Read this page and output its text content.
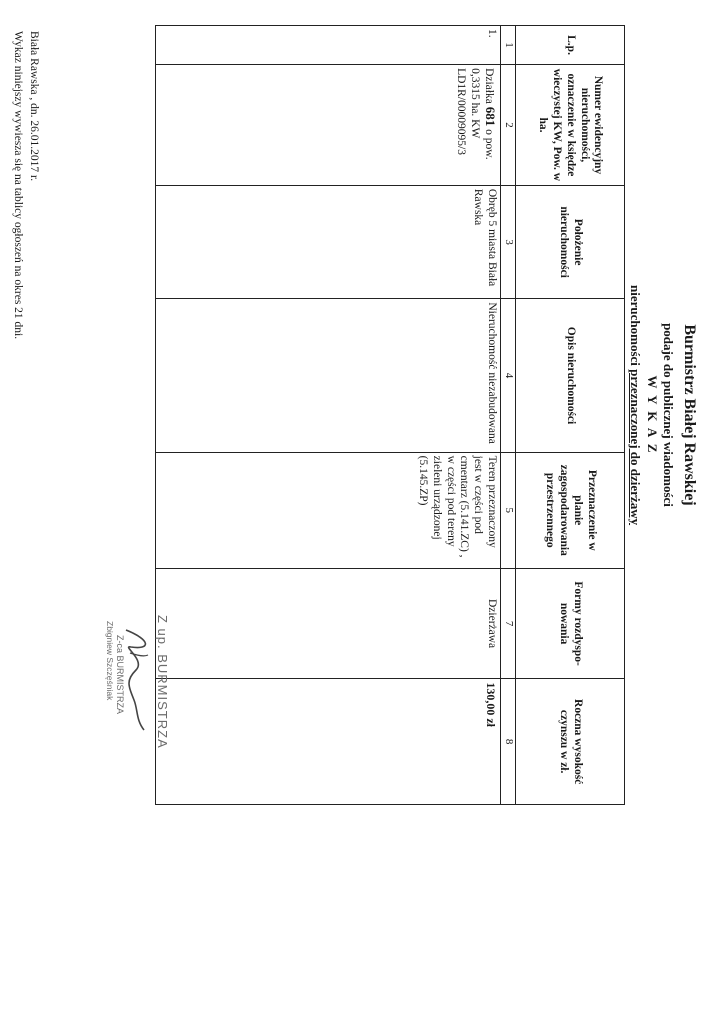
Burmistrz Białej Rawskiej
podaje do publicznej wiadomości
W Y K A Z
nieruchomości przeznaczonej do dzierżawy
L.p.	Numer ewidencyjny nieruchomości, oznaczenie w księdze wieczystej KW, Pow. w ha.	Położenie nieruchomości	Opis nieruchomości	Przeznaczenie w planie zagospodarowania przestrzennego	Formy rozdyspo-nowania	Roczna wysokość czynszu w zł.
1	2	3	4	5	7	8
1.	Działka 681 o pow. 0,3315 ha. KW LD1R/00009095/3	Obręb 5 miasta Biała Rawska	Nieruchomość niezabudowana	Teren przeznaczony jest w części pod cmentarz (5.141.ZC) , w części pod tereny zieleni urządzonej (5.145.ZP)	Dzierżawa	130,00 zł
Biała Rawska , dn. 26.01.2017 r.
Wykaz niniejszy wywiesza się na tablicy ogłoszeń na okres 21 dni.
Z up. BURMISTRZA
Z-ca BURMISTRZA
Zbigniew Szczęśniak
